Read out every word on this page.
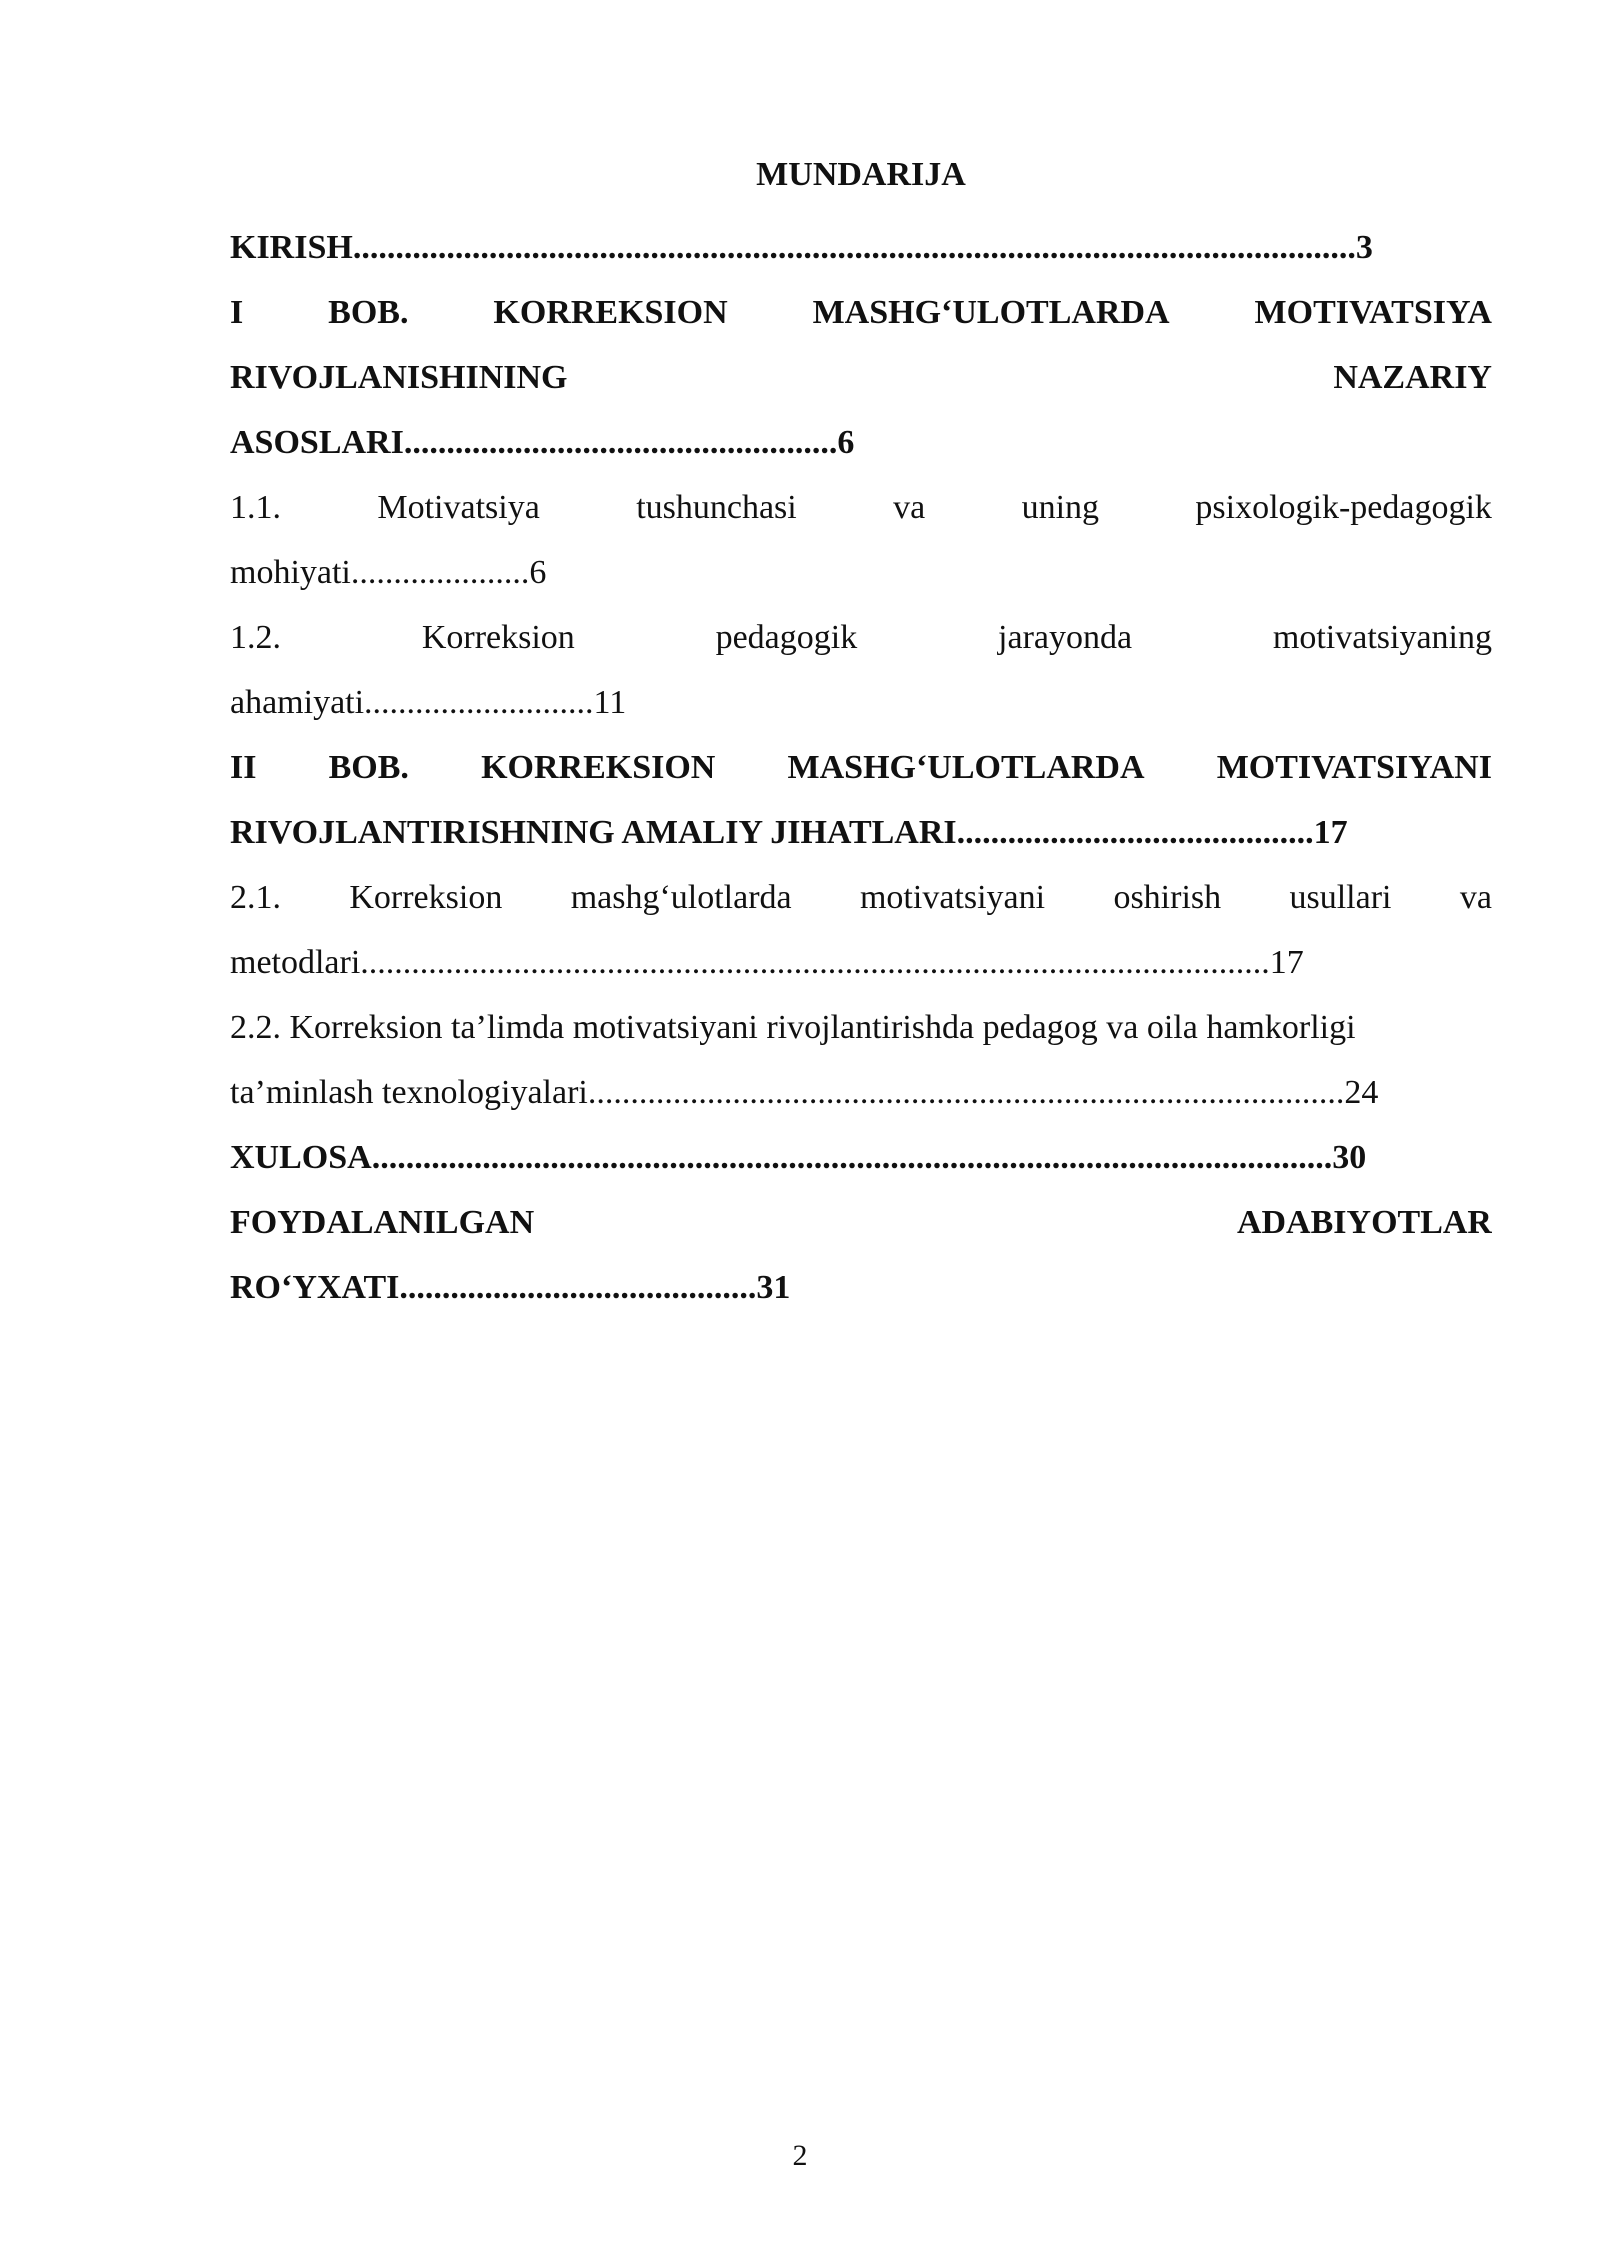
MUNDARIJA
KIRISH......................................................................................................................3
I BOB. KORREKSION MASHG‘ULOTLARDA MOTIVATSIYA
RIVOJLANISHINING	NAZARIY
ASOSLARI...................................................6
1.1.	Motivatsiya	tushunchasi	va	uning	psixologik-pedagogik
mohiyati.....................6
1.2.	Korreksion	pedagogik	jarayonda	motivatsiyaning
ahamiyati...........................11
II BOB. KORREKSION MASHG‘ULOTLARDA MOTIVATSIYANI
RIVOJLANTIRISHNING AMALIY JIHATLARI..........................................17
2.1. Korreksion mashg‘ulotlarda motivatsiyani oshirish usullari va
metodlari...........................................................................................................17
2.2. Korreksion ta’limda motivatsiyani rivojlantirishda pedagog va oila hamkorligi
ta’minlash texnologiyalari.........................................................................................24
XULOSA.................................................................................................................30
FOYDALANILGAN	ADABIYOTLAR
RO‘YXATI..........................................31
2
